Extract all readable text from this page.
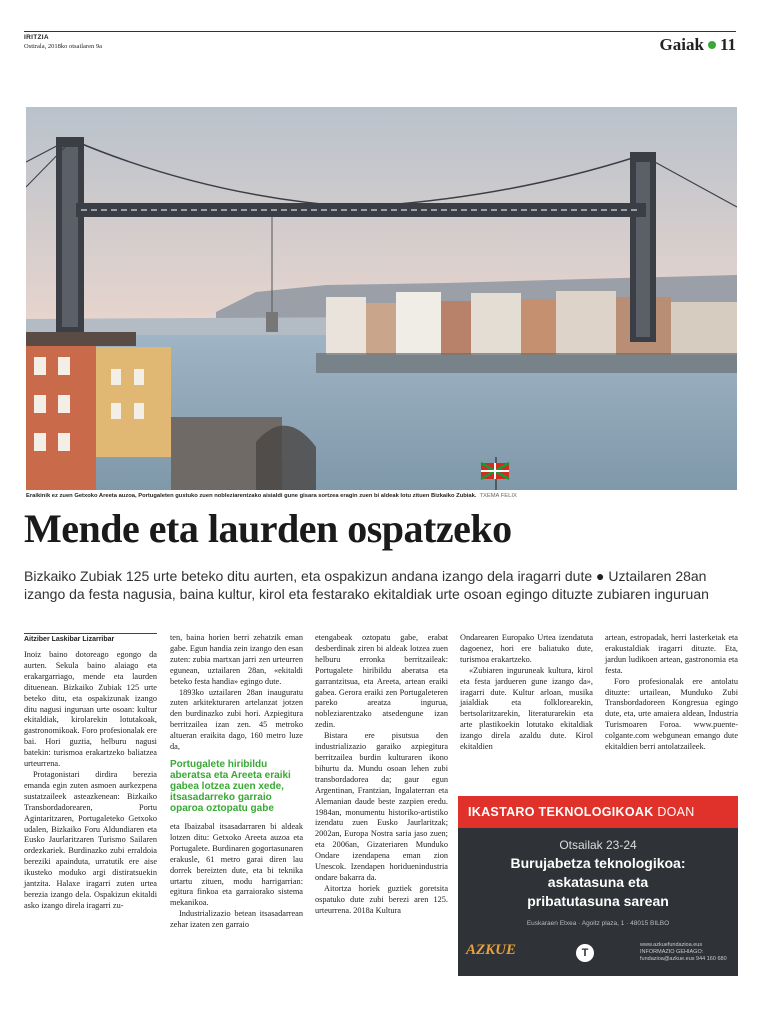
IRITZIA
Ostirala, 2018ko otsailaren 9a	Gaiak 11
Eraikinik ez zuen Getxoko Areeta auzoa, Portugaleten gustuko zuen nobleziarentzako aisialdi gune gisara sortzea eragin zuen bi aldeak lotu zituen Bizkaiko Zubiak. TXEMA FELIX
Mende eta laurden ospatzeko
Bizkaiko Zubiak 125 urte beteko ditu aurten, eta ospakizun andana izango dela iragarri dute ● Uztailaren 28an izango da festa nagusia, baina kultur, kirol eta festarako ekitaldiak urte osoan egingo dituzte zubiaren inguruan
Aitziber Laskibar Lizarribar

Inoiz baino dotoreago egongo da aurten. Sekula baino alaiago eta erakargarriago, mende eta laurden dituenean. Bizkaiko Zubiak 125 urte beteko ditu, eta ospakizunak izango ditu nagusi inguruan urte osoan: kultur ekitaldiak, kirolarekin lotutakoak, gastronomikoak. Foro profesionalak ere bai. Hori guztia, helburu nagusi batekin: turismoa erakartzeko baliatzea urteurrena.

Protagonistari dirdira berezia emanda egin zuten asmoen aurkezpena sustatzaileek asteazkenean: Bizkaiko Transbordadorearen, Portu Agintaritzaren, Portugaleteko Getxoko udalen, Bizkaiko Foru Aldundiaren eta Eusko Jaurlaritzaren Turismo Sailaren ordezkariek. Burdinazko zubi erraldoia bereziki apainduta, urratutik ere aise ikusteko moduko argi distiratsuekin jantzita. Halaxe iragarri zuten urtea berezia izango dela. Ospakizun ekitaldi asko izango direla iragarri zu-

ten, baina horien berri zehatzik eman gabe. Egun handia zein izango den esan zuten: zubia martxan jarri zen urteurren egunean, uztailaren 28an, «ekitaldi beteko festa handia» egingo dute.

1893ko uztailaren 28an inauguratu zuten arkitekturaren artelanzat jotzen den burdinazko zubi hori. Azpiegitura berritzailea izan zen. 45 metroko altueran eraikita dago, 160 metro luze da,

Portugalete hiribildu aberatsa eta Areeta eraiki gabea lotzea zuen xede, itsasadarreko garraio oparoa oztopatu gabe

eta Ibaizabal itsasadarraren bi aldeak lotzen ditu: Getxoko Areeta auzoa eta Portugalete. Burdinaren gogortasunaren erakusle, 61 metro garai diren lau dorrek bereizten dute, eta bi teknika urtartu zituen, modu harrigarrian: egitura finkoa eta garraiorako sistema mekanikoa.

Industrializazio betean itsasadarrean zehar izaten zen garraio

etengabeak oztopatu gabe, erabat desberdinak ziren bi aldeak lotzea zuen helburu erronka berritzaileak: Portugalete hiribildu aberatsa eta garrantzitsua, eta Areeta, artean eraiki gabea. Gerora eraiki zen Portugaleteren pareko areatza ingurua, nobleziarentzako atsedengune izan zedin.

Bistara ere pisutsua den industrializazio garaiko azpiegitura berritzailea burdin kulturaren ikono bihurtu da. Mundu osoan lehen zubi transbordadorea da; gaur egun Argentinan, Frantzian, Ingalaterran eta Alemanian daude beste zazpien eredu. 1984an, monumentu historiko-artistiko izendatu zuen Eusko Jaurlaritzak; 2002an, Europa Nostra saria jaso zuen; eta 2006an, Gizateriaren Munduko Ondare izendapena eman zion Unescok. Izendapen horiduenindustria ondare bakarra da.

Aitortza horiek guztiek goretsita ospatuko dute zubi berezi aren 125. urteurrena. 2018a Kultura

Ondarearen Europako Urtea izendatuta dagoenez, hori ere baliatuko dute, turismoa erakartzeko.

«Zubiaren inguruneak kultura, kirol eta festa jardueren gune izango da», iragarri dute. Kultur arloan, musika jaialdiak eta folklorearekin, bertsolaritzarekin, literaturarekin eta arte plastikoekin lotutako ekitaldiak izango direla azaldu dute. Kirol ekitaldien

artean, estropadak, herri lasterketak eta erakustaldiak iragarri dituzte. Eta, jardun ludikoen artean, gastronomia eta festa.

Foro profesionalak ere antolatu dituzte: urtailean, Munduko Zubi Transbordadoreen Kongresua egingo dute, eta, urte amaiera aldean, Industria Turismoaren Foroa. www.puente-colgante.com webgunean emango dute ekitaldien berri antolatzaileek.

IKASTARO TEKNOLOGIKOAK DOAN
Otsailak 23-24
Burujabetza teknologikoa:
askatasuna eta
pribatutasuna sarean
Euskaraen Etxea · Agoitz plaza, 1 · 48015 BILBO
AZKUE	T
www.azkuefundazioa.eus INFORMAZIO GEHIAGO: fundazioa@azkue.eus 944 160 680
